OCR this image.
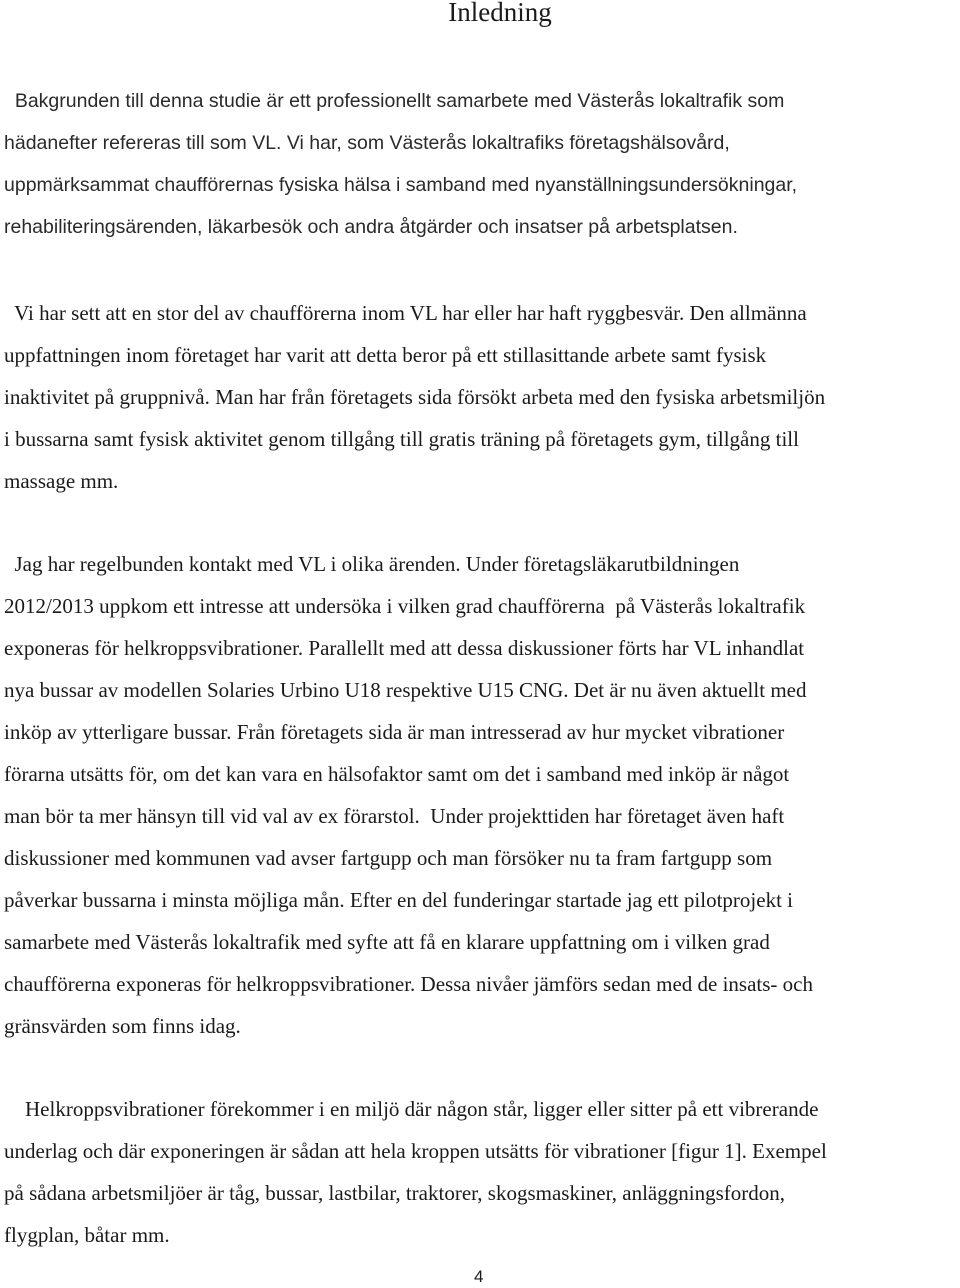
Inledning
Bakgrunden till denna studie är ett professionellt samarbete med Västerås lokaltrafik som
hädanefter refereras till som VL. Vi har, som Västerås lokaltrafiks företagshälsovård,
uppmärksammat chaufförernas fysiska hälsa i samband med nyanställningsundersökningar,
rehabiliteringsärenden, läkarbesök och andra åtgärder och insatser på arbetsplatsen.
Vi har sett att en stor del av chaufförerna inom VL har eller har haft ryggbesvär. Den allmänna
uppfattningen inom företaget har varit att detta beror på ett stillasittande arbete samt fysisk
inaktivitet på gruppnivå. Man har från företagets sida försökt arbeta med den fysiska arbetsmiljön
i bussarna samt fysisk aktivitet genom tillgång till gratis träning på företagets gym, tillgång till
massage mm.
Jag har regelbunden kontakt med VL i olika ärenden. Under företagsläkarutbildningen
2012/2013 uppkom ett intresse att undersöka i vilken grad chaufförerna  på Västerås lokaltrafik
exponeras för helkroppsvibrationer. Parallellt med att dessa diskussioner förts har VL inhandlat
nya bussar av modellen Solaries Urbino U18 respektive U15 CNG. Det är nu även aktuellt med
inköp av ytterligare bussar. Från företagets sida är man intresserad av hur mycket vibrationer
förarna utsätts för, om det kan vara en hälsofaktor samt om det i samband med inköp är något
man bör ta mer hänsyn till vid val av ex förarstol.  Under projekttiden har företaget även haft
diskussioner med kommunen vad avser fartgupp och man försöker nu ta fram fartgupp som
påverkar bussarna i minsta möjliga mån. Efter en del funderingar startade jag ett pilotprojekt i
samarbete med Västerås lokaltrafik med syfte att få en klarare uppfattning om i vilken grad
chaufförerna exponeras för helkroppsvibrationer. Dessa nivåer jämförs sedan med de insats- och
gränsvärden som finns idag.
Helkroppsvibrationer förekommer i en miljö där någon står, ligger eller sitter på ett vibrerande
underlag och där exponeringen är sådan att hela kroppen utsätts för vibrationer [figur 1]. Exempel
på sådana arbetsmiljöer är tåg, bussar, lastbilar, traktorer, skogsmaskiner, anläggningsfordon,
flygplan, båtar mm.
4
